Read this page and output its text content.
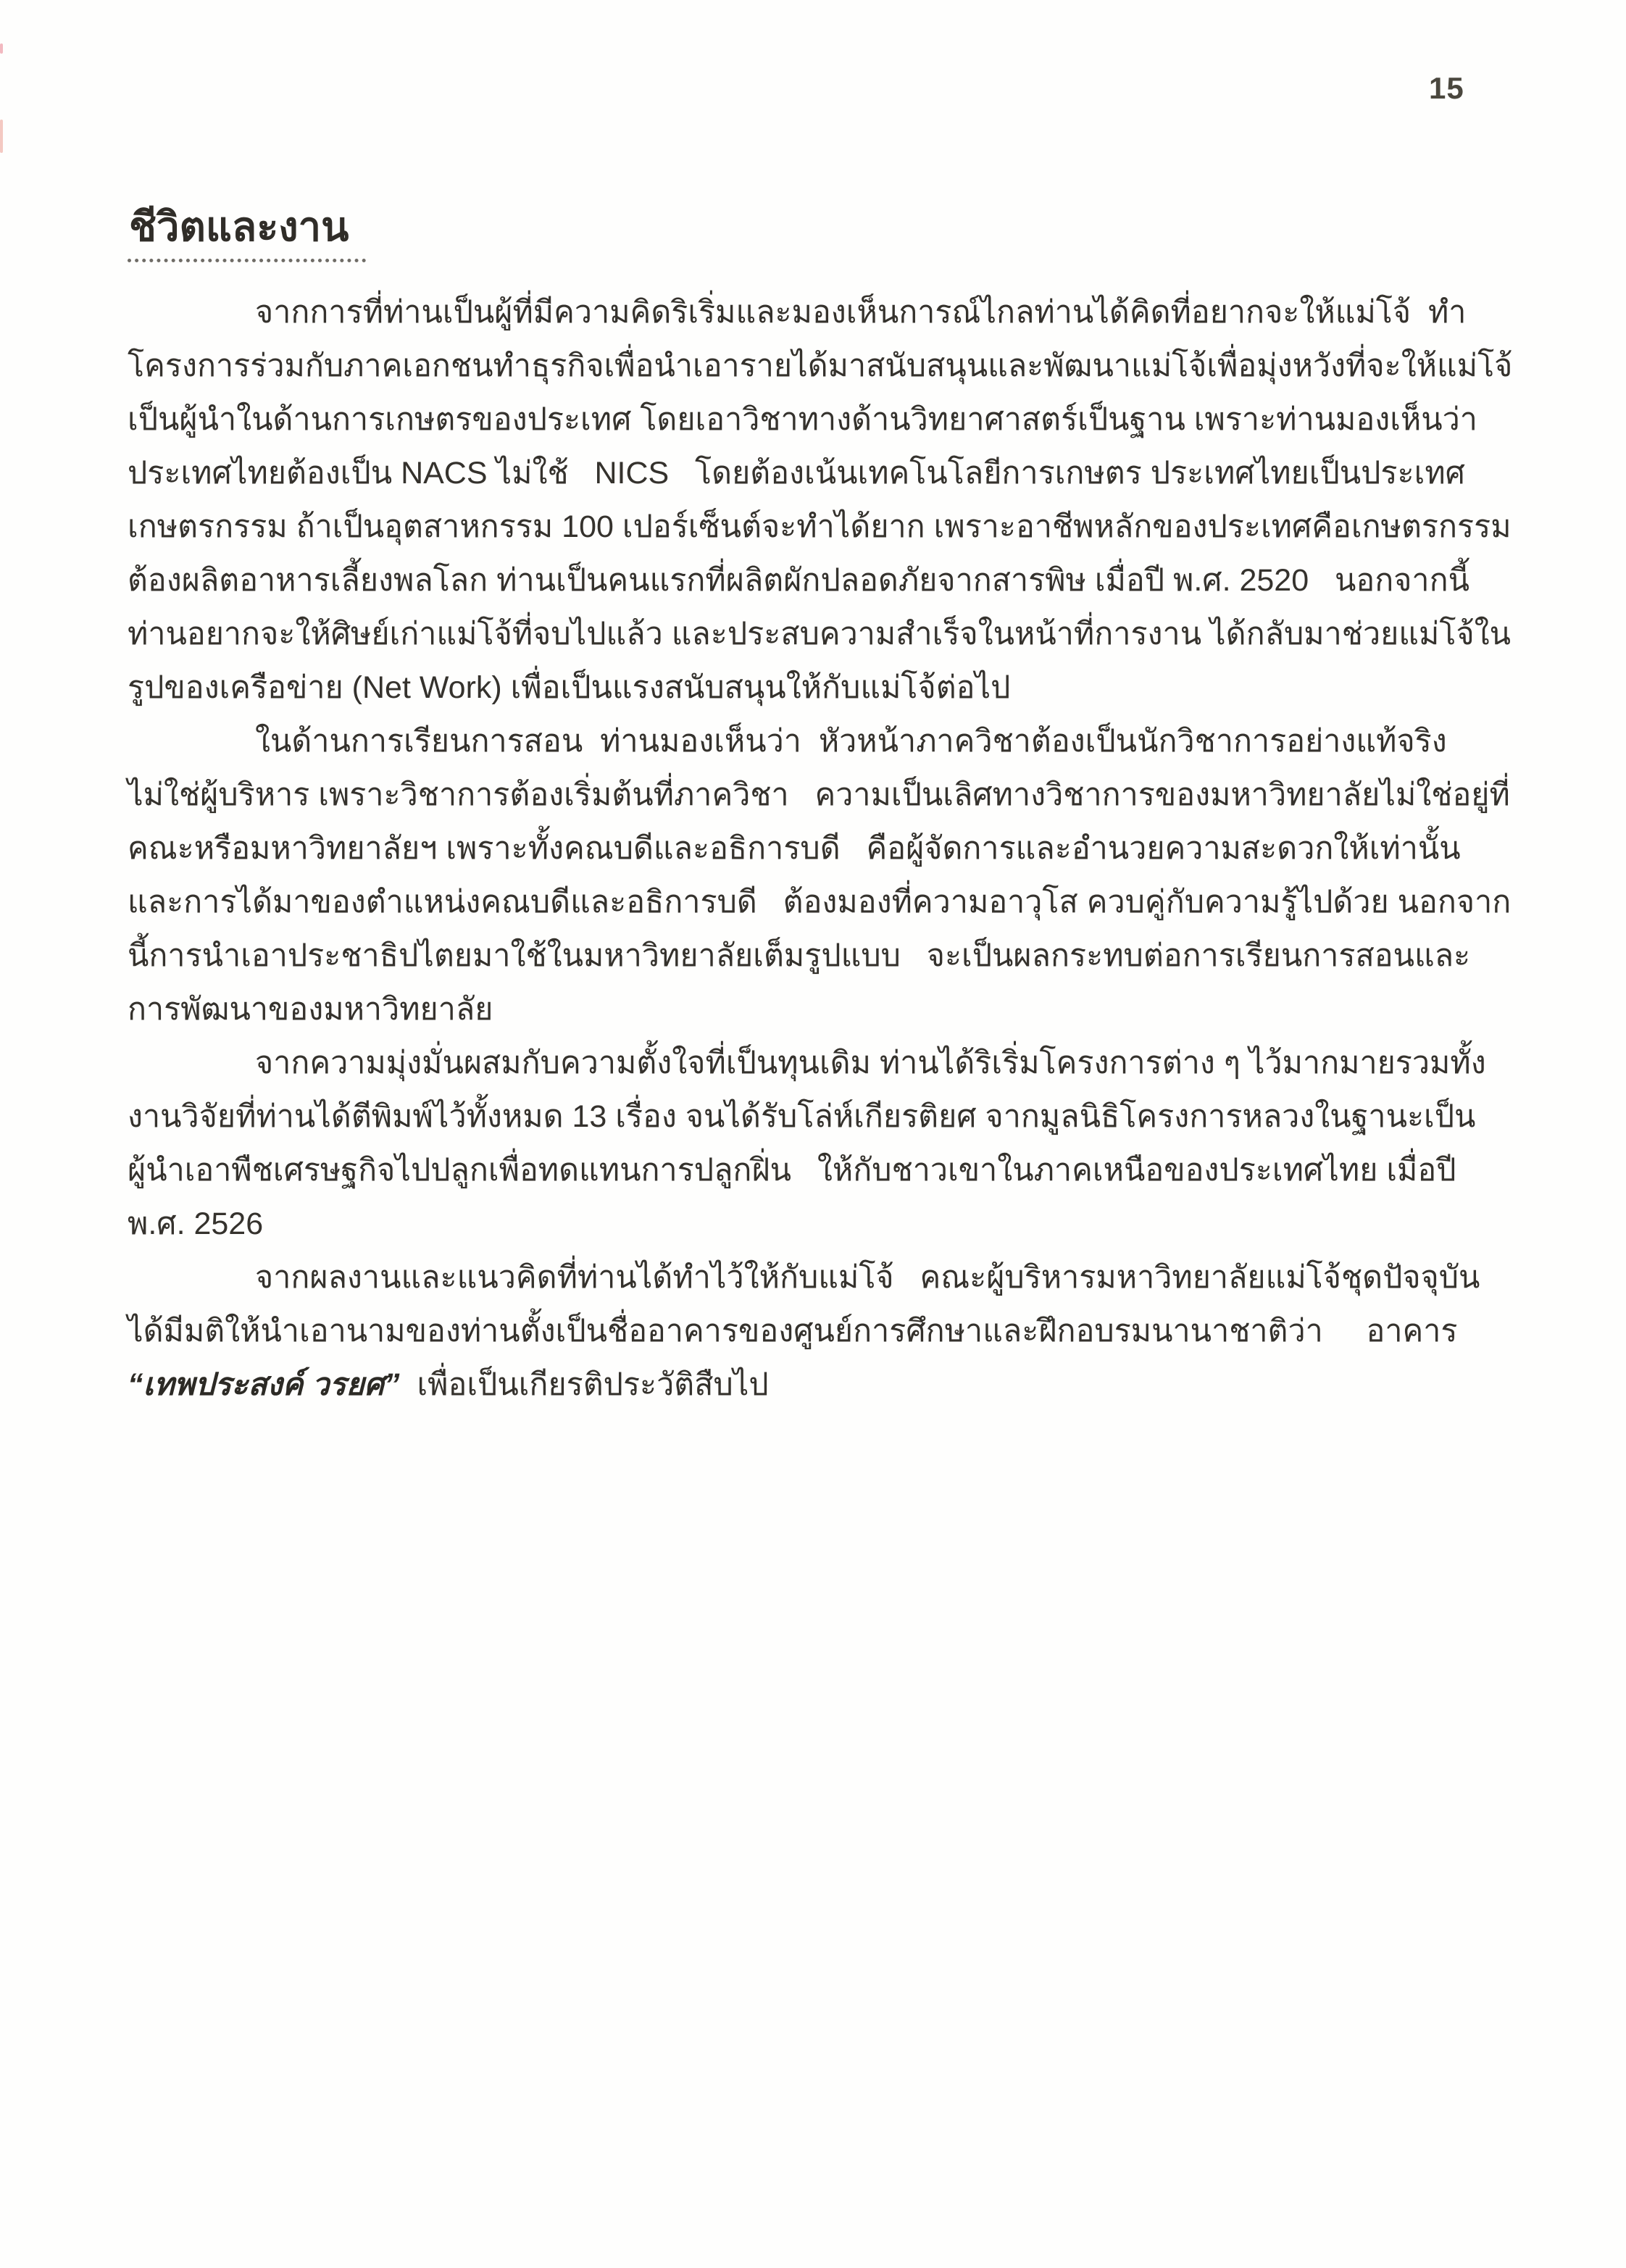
15
ชีวิตและงาน
จากการที่ท่านเป็นผู้ที่มีความคิดริเริ่มและมองเห็นการณ์ไกลท่านได้คิดที่อยากจะให้แม่โจ้  ทำ
โครงการร่วมกับภาคเอกชนทำธุรกิจเพื่อนำเอารายได้มาสนับสนุนและพัฒนาแม่โจ้เพื่อมุ่งหวังที่จะให้แม่โจ้
เป็นผู้นำในด้านการเกษตรของประเทศ โดยเอาวิชาทางด้านวิทยาศาสตร์เป็นฐาน เพราะท่านมองเห็นว่า
ประเทศไทยต้องเป็น NACS ไม่ใช้   NICS   โดยต้องเน้นเทคโนโลยีการเกษตร ประเทศไทยเป็นประเทศ
เกษตรกรรม ถ้าเป็นอุตสาหกรรม 100 เปอร์เซ็นต์จะทำได้ยาก เพราะอาชีพหลักของประเทศคือเกษตรกรรม
ต้องผลิตอาหารเลี้ยงพลโลก ท่านเป็นคนแรกที่ผลิตผักปลอดภัยจากสารพิษ เมื่อปี พ.ศ. 2520   นอกจากนี้
ท่านอยากจะให้ศิษย์เก่าแม่โจ้ที่จบไปแล้ว และประสบความสำเร็จในหน้าที่การงาน ได้กลับมาช่วยแม่โจ้ใน
รูปของเครือข่าย (Net Work) เพื่อเป็นแรงสนับสนุนให้กับแม่โจ้ต่อไป
ในด้านการเรียนการสอน  ท่านมองเห็นว่า  หัวหน้าภาควิชาต้องเป็นนักวิชาการอย่างแท้จริง
ไม่ใช่ผู้บริหาร เพราะวิชาการต้องเริ่มต้นที่ภาควิชา   ความเป็นเลิศทางวิชาการของมหาวิทยาลัยไม่ใช่อยู่ที่
คณะหรือมหาวิทยาลัยฯ เพราะทั้งคณบดีและอธิการบดี   คือผู้จัดการและอำนวยความสะดวกให้เท่านั้น
และการได้มาของตำแหน่งคณบดีและอธิการบดี   ต้องมองที่ความอาวุโส ควบคู่กับความรู้ไปด้วย นอกจาก
นี้การนำเอาประชาธิปไตยมาใช้ในมหาวิทยาลัยเต็มรูปแบบ   จะเป็นผลกระทบต่อการเรียนการสอนและ
การพัฒนาของมหาวิทยาลัย
จากความมุ่งมั่นผสมกับความตั้งใจที่เป็นทุนเดิม ท่านได้ริเริ่มโครงการต่าง ๆ ไว้มากมายรวมทั้ง
งานวิจัยที่ท่านได้ตีพิมพ์ไว้ทั้งหมด 13 เรื่อง จนได้รับโล่ห์เกียรติยศ จากมูลนิธิโครงการหลวงในฐานะเป็น
ผู้นำเอาพืชเศรษฐกิจไปปลูกเพื่อทดแทนการปลูกฝิ่น   ให้กับชาวเขาในภาคเหนือของประเทศไทย เมื่อปี
พ.ศ. 2526
จากผลงานและแนวคิดที่ท่านได้ทำไว้ให้กับแม่โจ้   คณะผู้บริหารมหาวิทยาลัยแม่โจ้ชุดปัจจุบัน
ได้มีมติให้นำเอานามของท่านตั้งเป็นชื่ออาคารของศูนย์การศึกษาและฝึกอบรมนานาชาติว่า     อาคาร
“เทพประสงค์ วรยศ”  เพื่อเป็นเกียรติประวัติสืบไป
